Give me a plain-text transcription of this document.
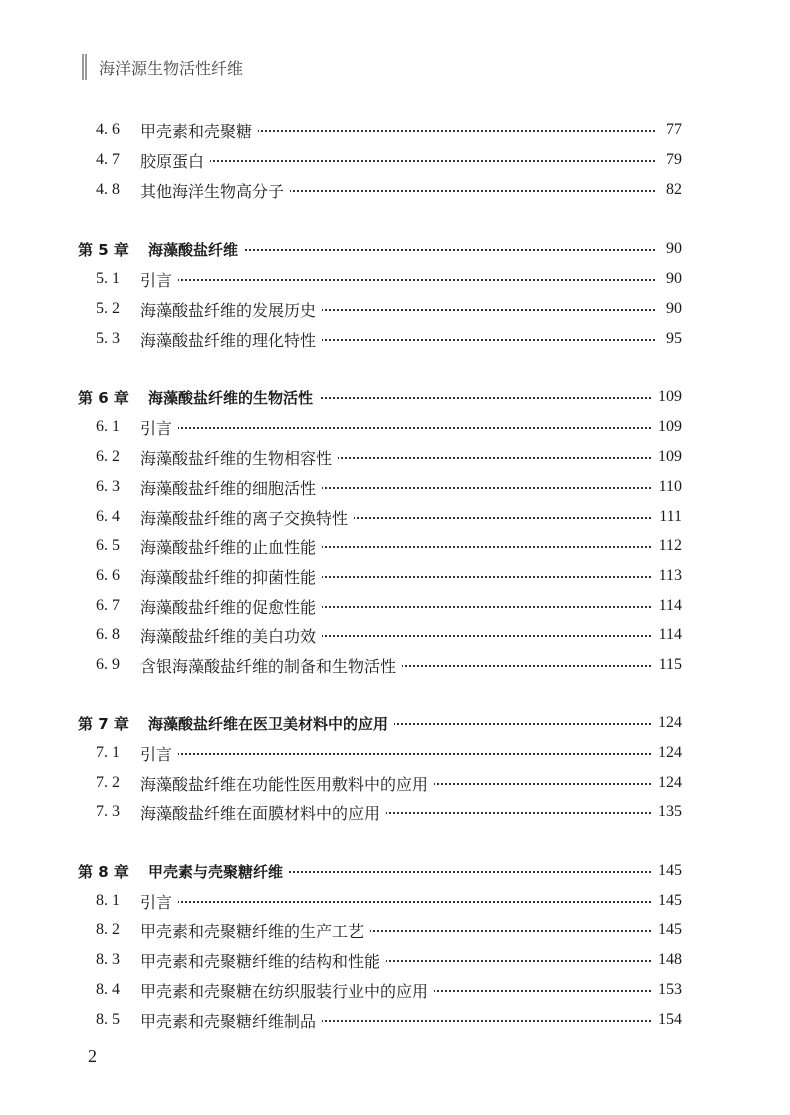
海洋源生物活性纤维
4. 6	甲壳素和壳聚糖	77
4. 7	胶原蛋白	79
4. 8	其他海洋生物高分子	82
第 5 章	海藻酸盐纤维	90
5. 1	引言	90
5. 2	海藻酸盐纤维的发展历史	90
5. 3	海藻酸盐纤维的理化特性	95
第 6 章	海藻酸盐纤维的生物活性	109
6. 1	引言	109
6. 2	海藻酸盐纤维的生物相容性	109
6. 3	海藻酸盐纤维的细胞活性	110
6. 4	海藻酸盐纤维的离子交换特性	111
6. 5	海藻酸盐纤维的止血性能	112
6. 6	海藻酸盐纤维的抑菌性能	113
6. 7	海藻酸盐纤维的促愈性能	114
6. 8	海藻酸盐纤维的美白功效	114
6. 9	含银海藻酸盐纤维的制备和生物活性	115
第 7 章	海藻酸盐纤维在医卫美材料中的应用	124
7. 1	引言	124
7. 2	海藻酸盐纤维在功能性医用敷料中的应用	124
7. 3	海藻酸盐纤维在面膜材料中的应用	135
第 8 章	甲壳素与壳聚糖纤维	145
8. 1	引言	145
8. 2	甲壳素和壳聚糖纤维的生产工艺	145
8. 3	甲壳素和壳聚糖纤维的结构和性能	148
8. 4	甲壳素和壳聚糖在纺织服装行业中的应用	153
8. 5	甲壳素和壳聚糖纤维制品	154
2
